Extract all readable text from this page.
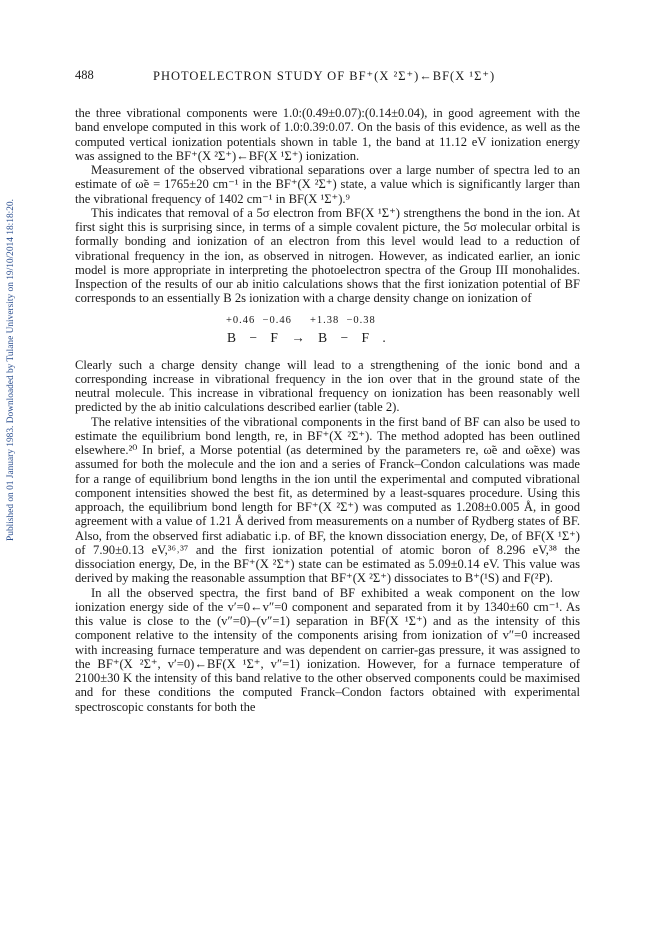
Published on 01 January 1983. Downloaded by Tulane University on 19/10/2014 18:18:20.
488	PHOTOELECTRON STUDY OF BF⁺(X ²Σ⁺)←BF(X ¹Σ⁺)

the three vibrational components were 1.0:(0.49±0.07):(0.14±0.04), in good agreement with the band envelope computed in this work of 1.0:0.39:0.07. On the basis of this evidence, as well as the computed vertical ionization potentials shown in table 1, the band at 11.12 eV ionization energy was assigned to the BF⁺(X ²Σ⁺)←BF(X ¹Σ⁺) ionization.

Measurement of the observed vibrational separations over a large number of spectra led to an estimate of ω̃e = 1765±20 cm⁻¹ in the BF⁺(X ²Σ⁺) state, a value which is significantly larger than the vibrational frequency of 1402 cm⁻¹ in BF(X ¹Σ⁺).⁹

This indicates that removal of a 5σ electron from BF(X ¹Σ⁺) strengthens the bond in the ion. At first sight this is surprising since, in terms of a simple covalent picture, the 5σ molecular orbital is formally bonding and ionization of an electron from this level would lead to a reduction of vibrational frequency in the ion, as observed in nitrogen. However, as indicated earlier, an ionic model is more appropriate in interpreting the photoelectron spectra of the Group III monohalides. Inspection of the results of our ab initio calculations shows that the first ionization potential of BF corresponds to an essentially B 2s ionization with a charge density change on ionization of

+0.46  −0.46     +1.38  −0.38
B − F → B − F .

Clearly such a charge density change will lead to a strengthening of the ionic bond and a corresponding increase in vibrational frequency in the ion over that in the ground state of the neutral molecule. This increase in vibrational frequency on ionization has been reasonably well predicted by the ab initio calculations described earlier (table 2).

The relative intensities of the vibrational components in the first band of BF can also be used to estimate the equilibrium bond length, re, in BF⁺(X ²Σ⁺). The method adopted has been outlined elsewhere.²⁰ In brief, a Morse potential (as determined by the parameters re, ω̃e and ω̃exe) was assumed for both the molecule and the ion and a series of Franck–Condon calculations was made for a range of equilibrium bond lengths in the ion until the experimental and computed vibrational component intensities showed the best fit, as determined by a least-squares procedure. Using this approach, the equilibrium bond length for BF⁺(X ²Σ⁺) was computed as 1.208±0.005 Å, in good agreement with a value of 1.21 Å derived from measurements on a number of Rydberg states of BF. Also, from the observed first adiabatic i.p. of BF, the known dissociation energy, De, of BF(X ¹Σ⁺) of 7.90±0.13 eV,³⁶˒³⁷ and the first ionization potential of atomic boron of 8.296 eV,³⁸ the dissociation energy, De, in the BF⁺(X ²Σ⁺) state can be estimated as 5.09±0.14 eV. This value was derived by making the reasonable assumption that BF⁺(X ²Σ⁺) dissociates to B⁺(¹S) and F(²P).

In all the observed spectra, the first band of BF exhibited a weak component on the low ionization energy side of the v′=0←v″=0 component and separated from it by 1340±60 cm⁻¹. As this value is close to the (v″=0)–(v″=1) separation in BF(X ¹Σ⁺) and as the intensity of this component relative to the intensity of the components arising from ionization of v″=0 increased with increasing furnace temperature and was dependent on carrier-gas pressure, it was assigned to the BF⁺(X ²Σ⁺, v′=0)←BF(X ¹Σ⁺, v″=1) ionization. However, for a furnace temperature of 2100±30 K the intensity of this band relative to the other observed components could be maximised and for these conditions the computed Franck–Condon factors obtained with experimental spectroscopic constants for both the
